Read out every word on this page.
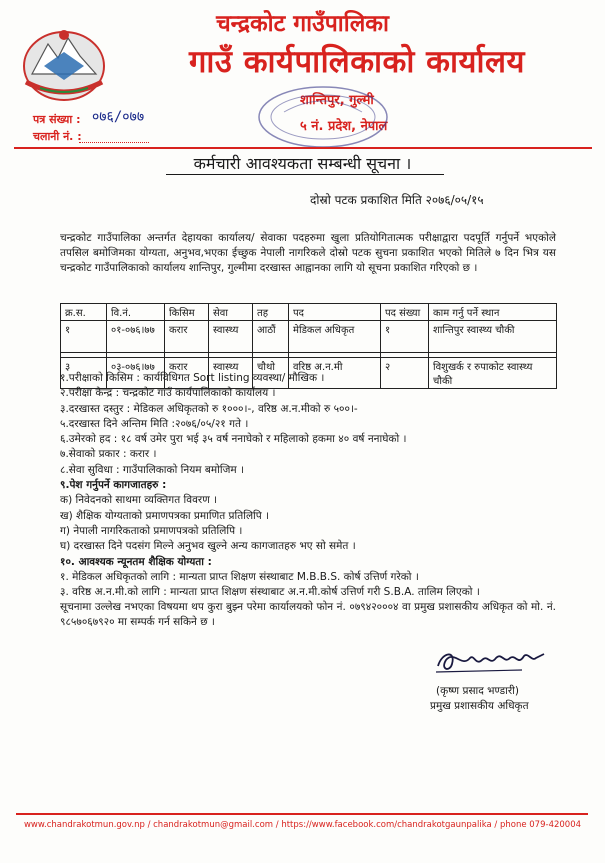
चन्द्रकोट गाउँपालिका
गाउँ कार्यपालिकाको कार्यालय
शान्तिपुर, गुल्मी
५ नं. प्रदेश, नेपाल
पत्र संख्या : ०७६/०७७
चलानी नं. :
कर्मचारी आवश्यकता सम्बन्धी सूचना ।
दोस्रो पटक प्रकाशित मिति २०७६/०५/१५
चन्द्रकोट गाउँपालिका अन्तर्गत देहायका कार्यालय/ सेवाका पदहरुमा खुला प्रतियोगितात्मक परीक्षाद्वारा पदपूर्ति गर्नुपर्ने भएकोले तपसिल बमोजिमका योग्यता, अनुभव,भएका ईच्छुक नेपाली नागरिकले दोस्रो पटक सुचना प्रकाशित भएको मितिले ७ दिन भित्र यस चन्द्रकोट गाउँपालिकाको कार्यालय शान्तिपुर, गुल्मीमा दरखास्त आह्वानका लागि यो सूचना प्रकाशित गरिएको छ ।
क्र.स.	वि.नं.	किसिम	सेवा	तह	पद	पद संख्या	काम गर्नु पर्ने स्थान
१	०१-०७६।७७	करार	स्वास्थ्य	आठौं	मेडिकल अधिकृत	१	शान्तिपुर स्वास्थ्य चौकी

३	०३-०७६।७७	करार	स्वास्थ्य	चौथो	वरिष्ठ अ.न.मी	२	विशुखर्क र रुपाकोट स्वास्थ्य चौकी
१.परीक्षाको किसिम : कार्यविधिगत Sort listing व्यवस्था/ मौखिक ।
२.परीक्षा केन्द्र : चन्द्रकोट गाउँ कार्यपालिकाको कार्यालय ।
३.दरखास्त दस्तुर : मेडिकल अधिकृतको रु १०००।-, वरिष्ठ अ.न.मीको रु ५००।-
५.दरखास्त दिने अन्तिम मिति :२०७६/०५/२१ गते ।
६.उमेरको हद : १८ वर्ष उमेर पुरा भई ३५ वर्ष ननाघेको र महिलाको हकमा ४० वर्ष ननाघेको ।
७.सेवाको प्रकार : करार ।
८.सेवा सुविधा : गाउँपालिकाको नियम बमोजिम ।
९.पेश गर्नुपर्ने कागजातहरु :
क) निवेदनको साथमा व्यक्तिगत विवरण ।
ख) शैक्षिक योग्यताको प्रमाणपत्रका प्रमाणित प्रतिलिपि ।
ग) नेपाली नागरिकताको प्रमाणपत्रको प्रतिलिपि ।
घ) दरखास्त दिने पदसंग मिल्ने अनुभव खुल्ने अन्य कागजातहरु भए सो समेत ।
१०. आवश्यक न्यूनतम शैक्षिक योग्यता :
१. मेडिकल अधिकृतको लागि : मान्यता प्राप्त शिक्षण संस्थाबाट M.B.B.S. कोर्ष उत्तिर्ण गरेको ।
३. वरिष्ठ अ.न.मी.को लागि : मान्यता प्राप्त शिक्षण संस्थाबाट अ.न.मी.कोर्ष उत्तिर्ण गरी S.B.A. तालिम लिएको ।
सूचनामा उल्लेख नभएका विषयमा थप कुरा बुझ्न परेमा कार्यालयको फोन नं. ०७९४२०००४ वा प्रमुख प्रशासकीय अधिकृत को मो. नं. ९८५७०६७९२० मा सम्पर्क गर्न सकिने छ ।
(कृष्ण प्रसाद भण्डारी)
प्रमुख प्रशासकीय अधिकृत
www.chandrakotmun.gov.np / chandrakotmun@gmail.com / https://www.facebook.com/chandrakotgaunpalika / phone 079-420004
